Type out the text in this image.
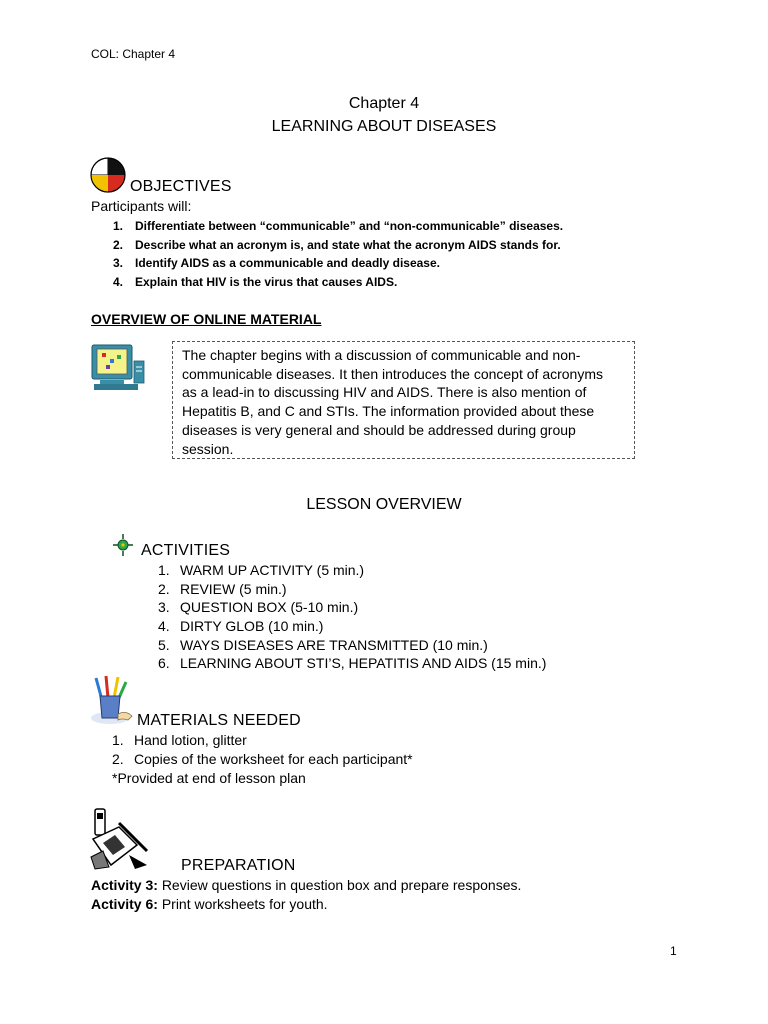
COL: Chapter 4
Chapter 4
LEARNING ABOUT DISEASES
OBJECTIVES
Participants will:
1. Differentiate between “communicable” and “non-communicable” diseases.
2. Describe what an acronym is, and state what the acronym AIDS stands for.
3. Identify AIDS as a communicable and deadly disease.
4. Explain that HIV is the virus that causes AIDS.
OVERVIEW OF ONLINE MATERIAL
The chapter begins with a discussion of communicable and non-
communicable diseases. It then introduces the concept of acronyms
as a lead-in to discussing HIV and AIDS. There is also mention of
Hepatitis B, and C and STIs. The information provided about these
diseases is very general and should be addressed during group
session.
LESSON OVERVIEW
ACTIVITIES
1. WARM UP ACTIVITY (5 min.)
2. REVIEW (5 min.)
3. QUESTION BOX (5-10 min.)
4. DIRTY GLOB (10 min.)
5. WAYS DISEASES ARE TRANSMITTED (10 min.)
6. LEARNING ABOUT STI’S, HEPATITIS AND AIDS (15 min.)
MATERIALS NEEDED
1. Hand lotion, glitter
2. Copies of the worksheet for each participant*
*Provided at end of lesson plan
PREPARATION
Activity 3: Review questions in question box and prepare responses.
Activity 6: Print worksheets for youth.
1
